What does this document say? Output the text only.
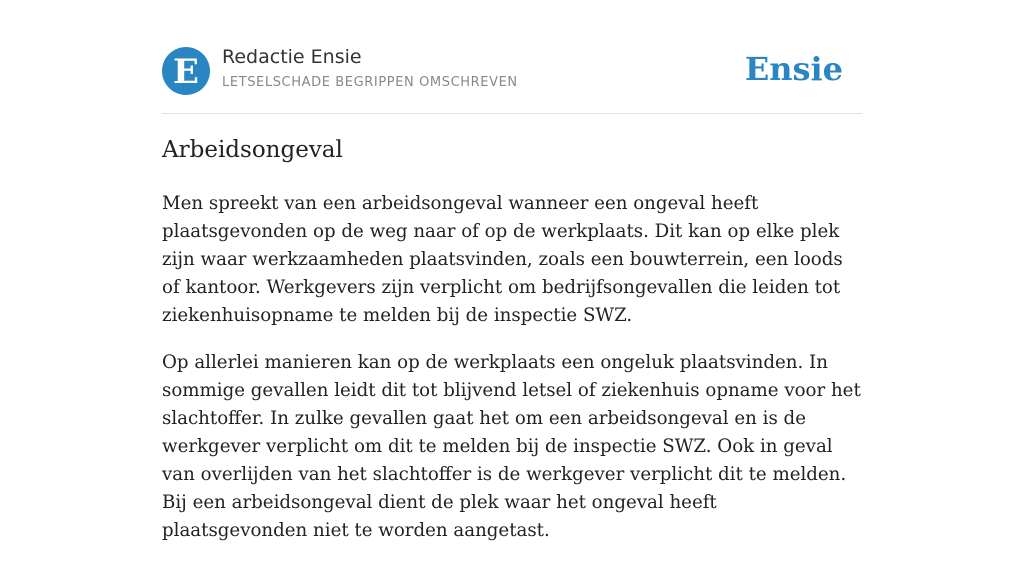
E Redactie Ensie
LETSELSCHADE BEGRIPPEN OMSCHREVEN	Ensie
Arbeidsongeval

Men spreekt van een arbeidsongeval wanneer een ongeval heeft plaatsgevonden op de weg naar of op de werkplaats. Dit kan op elke plek zijn waar werkzaamheden plaatsvinden, zoals een bouwterrein, een loods of kantoor. Werkgevers zijn verplicht om bedrijfsongevallen die leiden tot ziekenhuisopname te melden bij de inspectie SWZ.

Op allerlei manieren kan op de werkplaats een ongeluk plaatsvinden. In sommige gevallen leidt dit tot blijvend letsel of ziekenhuis opname voor het slachtoffer. In zulke gevallen gaat het om een arbeidsongeval en is de werkgever verplicht om dit te melden bij de inspectie SWZ. Ook in geval van overlijden van het slachtoffer is de werkgever verplicht dit te melden. Bij een arbeidsongeval dient de plek waar het ongeval heeft plaatsgevonden niet te worden aangetast.
